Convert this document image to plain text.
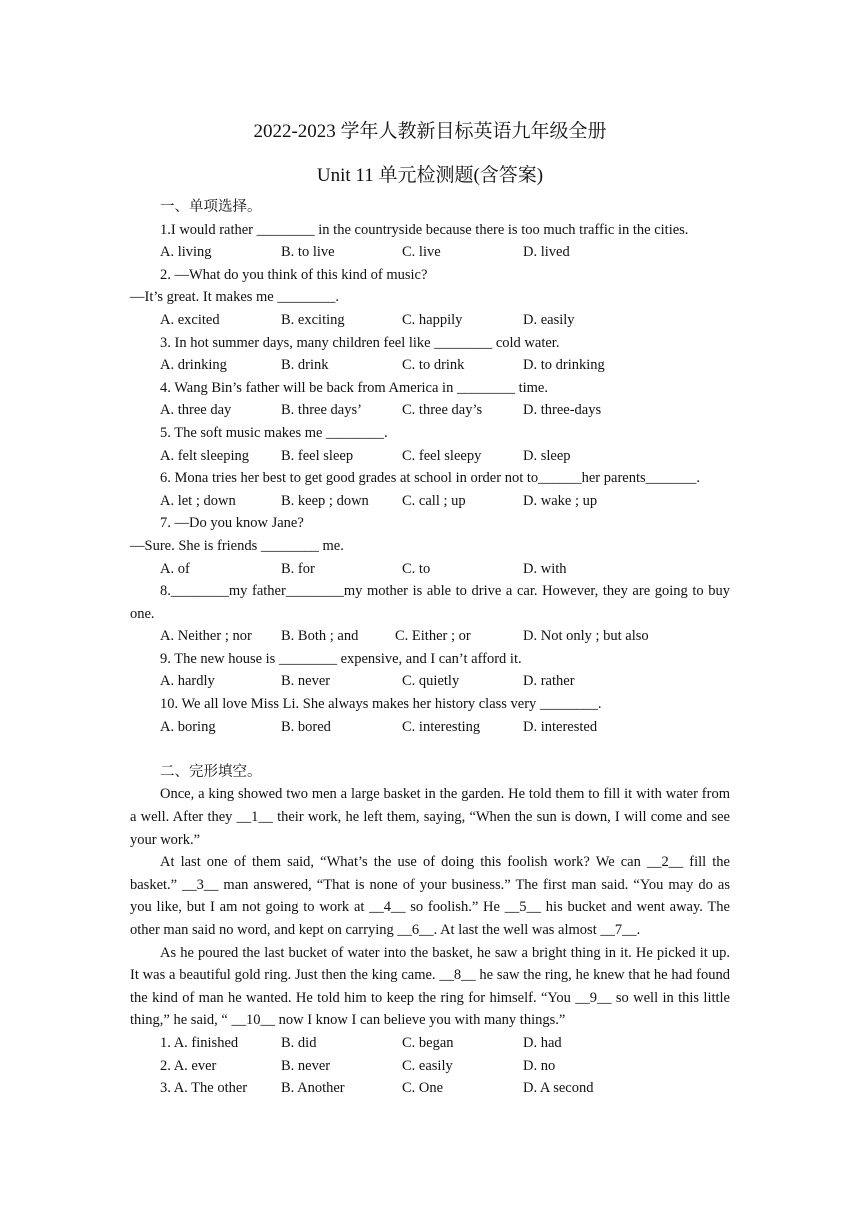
2022-2023 学年人教新目标英语九年级全册
Unit 11 单元检测题(含答案)
一、单项选择。
1.I would rather ________ in the countryside because there is too much traffic in the cities.
A. living	B. to live	C. live	D. lived
2. —What do you think of this kind of music?
—It’s great. It makes me ________.
A. excited	B. exciting	C. happily	D. easily
3. In hot summer days, many children feel like ________ cold water.
A. drinking	B. drink	C. to drink	D. to drinking
4. Wang Bin’s father will be back from America in ________ time.
A. three day	B. three days’	C. three day’s	D. three-days
5. The soft music makes me ________.
A. felt sleeping	B. feel sleep	C. feel sleepy	D. sleep
6. Mona tries her best to get good grades at school in order not to______her parents_______.
A. let ; down	B. keep ; down	C. call ; up	D. wake ; up
7. —Do you know Jane?
—Sure. She is friends ________ me.
A. of	B. for	C. to	D. with
8.________my father________my mother is able to drive a car. However, they are going to buy one.
A. Neither ; nor	B. Both ; and	C. Either ; or	D. Not only ; but also
9. The new house is ________ expensive, and I can’t afford it.
A. hardly	B. never	C. quietly	D. rather
10. We all love Miss Li. She always makes her history class very ________.
A. boring	B. bored	C. interesting	D. interested
二、完形填空。
Once, a king showed two men a large basket in the garden. He told them to fill it with water from a well. After they __1__ their work, he left them, saying, “When the sun is down, I will come and see your work.”
At last one of them said, “What’s the use of doing this foolish work? We can __2__ fill the basket.” __3__ man answered, “That is none of your business.” The first man said. “You may do as you like, but I am not going to work at __4__ so foolish.” He __5__ his bucket and went away. The other man said no word, and kept on carrying __6__. At last the well was almost __7__.
As he poured the last bucket of water into the basket, he saw a bright thing in it. He picked it up. It was a beautiful gold ring. Just then the king came. __8__ he saw the ring, he knew that he had found the kind of man he wanted. He told him to keep the ring for himself. “You __9__ so well in this little thing,” he said, “ __10__ now I know I can believe you with many things.”
1. A. finished	B. did	C. began	D. had
2. A. ever	B. never	C. easily	D. no
3. A. The other	B. Another	C. One	D. A second
